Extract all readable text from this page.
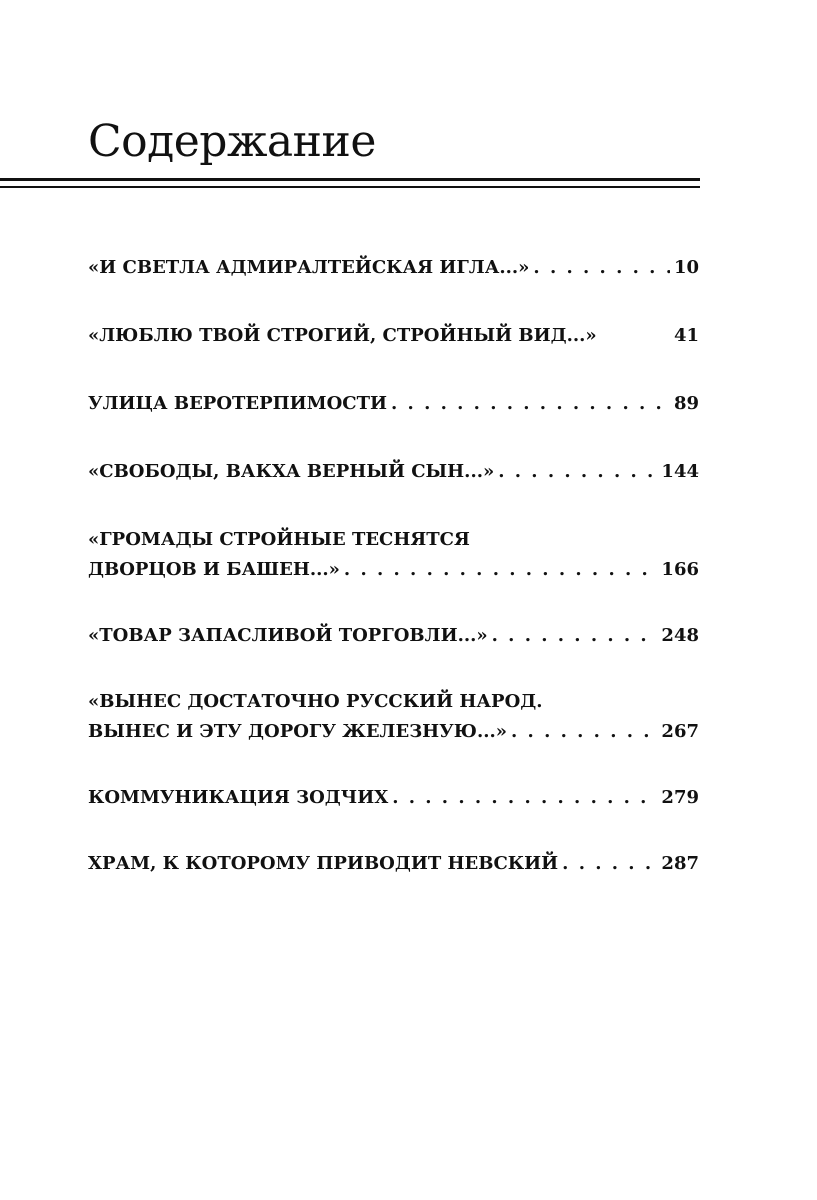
Содержание
«И СВЕТЛА АДМИРАЛТЕЙСКАЯ ИГЛА...» . . .	10
«ЛЮБЛЮ ТВОЙ СТРОГИЙ, СТРОЙНЫЙ ВИД...»	41
УЛИЦА ВЕРОТЕРПИМОСТИ . . .	89
«СВОБОДЫ, ВАКХА ВЕРНЫЙ СЫН...» . . .	144
«ГРОМАДЫ СТРОЙНЫЕ ТЕСНЯТСЯ
ДВОРЦОВ И БАШЕН...» . . .	166
«ТОВАР ЗАПАСЛИВОЙ ТОРГОВЛИ...» . . .	248
«ВЫНЕС ДОСТАТОЧНО РУССКИЙ НАРОД.
ВЫНЕС И ЭТУ ДОРОГУ ЖЕЛЕЗНУЮ...» . . .	267
КОММУНИКАЦИЯ ЗОДЧИХ . . .	279
ХРАМ, К КОТОРОМУ ПРИВОДИТ НЕВСКИЙ . . .	287
